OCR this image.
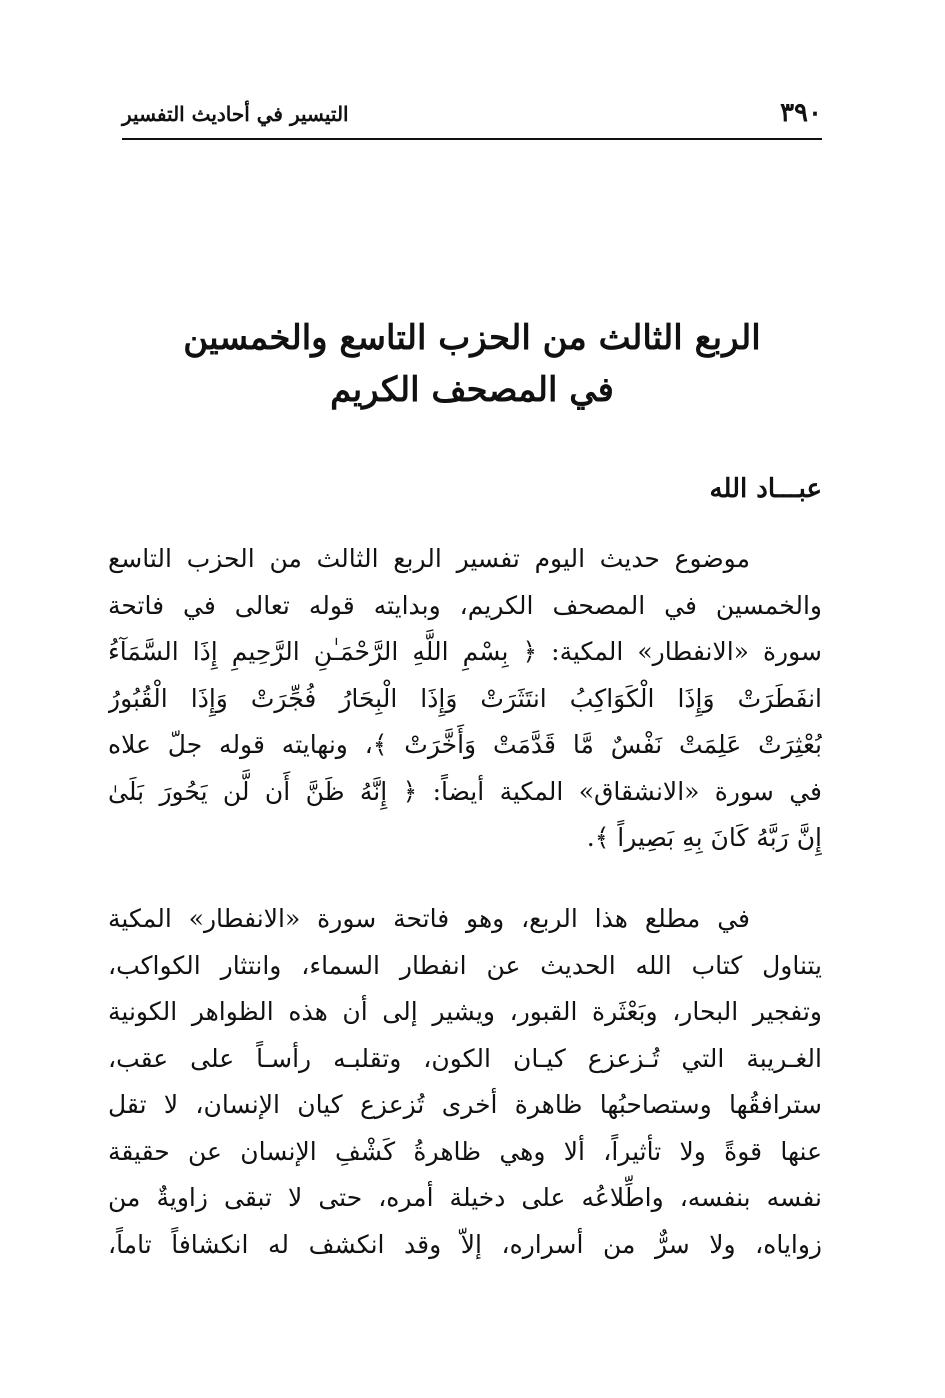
٣٩٠
التيسير في أحاديث التفسير
الربع الثالث من الحزب التاسع والخمسين
في المصحف الكريم
عبـــاد الله
موضوع حديث اليوم تفسير الربع الثالث من الحزب التاسع
والخمسين في المصحف الكريم، وبدايته قوله تعالى في فاتحة
سورة «الانفطار» المكية: ﴿ بِسْمِ اللَّهِ الرَّحْمَـٰنِ الرَّحِيمِ إِذَا السَّمَآءُ
انفَطَرَتْ وَإِذَا الْكَوَاكِبُ انتَثَرَتْ وَإِذَا الْبِحَارُ فُجِّرَتْ وَإِذَا الْقُبُورُ
بُعْثِرَتْ عَلِمَتْ نَفْسٌ مَّا قَدَّمَتْ وَأَخَّرَتْ ﴾، ونهايته قوله جلّ علاه
في سورة «الانشقاق» المكية أيضاً: ﴿ إِنَّهُ ظَنَّ أَن لَّن يَحُورَ بَلَىٰ
إِنَّ رَبَّهُ كَانَ بِهِ بَصِيراً ﴾.
في مطلع هذا الربع، وهو فاتحة سورة «الانفطار» المكية
يتناول كتاب الله الحديث عن انفطار السماء، وانتثار الكواكب،
وتفجير البحار، وبَعْثَرة القبور، ويشير إلى أن هذه الظواهر الكونية
الغـريبة التي تُـزعزع كيـان الكون، وتقلبـه رأسـاً على عقب،
سترافقُها وستصاحبُها ظاهرة أخرى تُزعزع كيان الإنسان، لا تقل
عنها قوةً ولا تأثيراً، ألا وهي ظاهرةُ كَشْفِ الإنسان عن حقيقة
نفسه بنفسه، واطِّلاعُه على دخيلة أمره، حتى لا تبقى زاويةٌ من
زواياه، ولا سرٌّ من أسراره، إلاّ وقد انكشف له انكشافاً تاماً،
